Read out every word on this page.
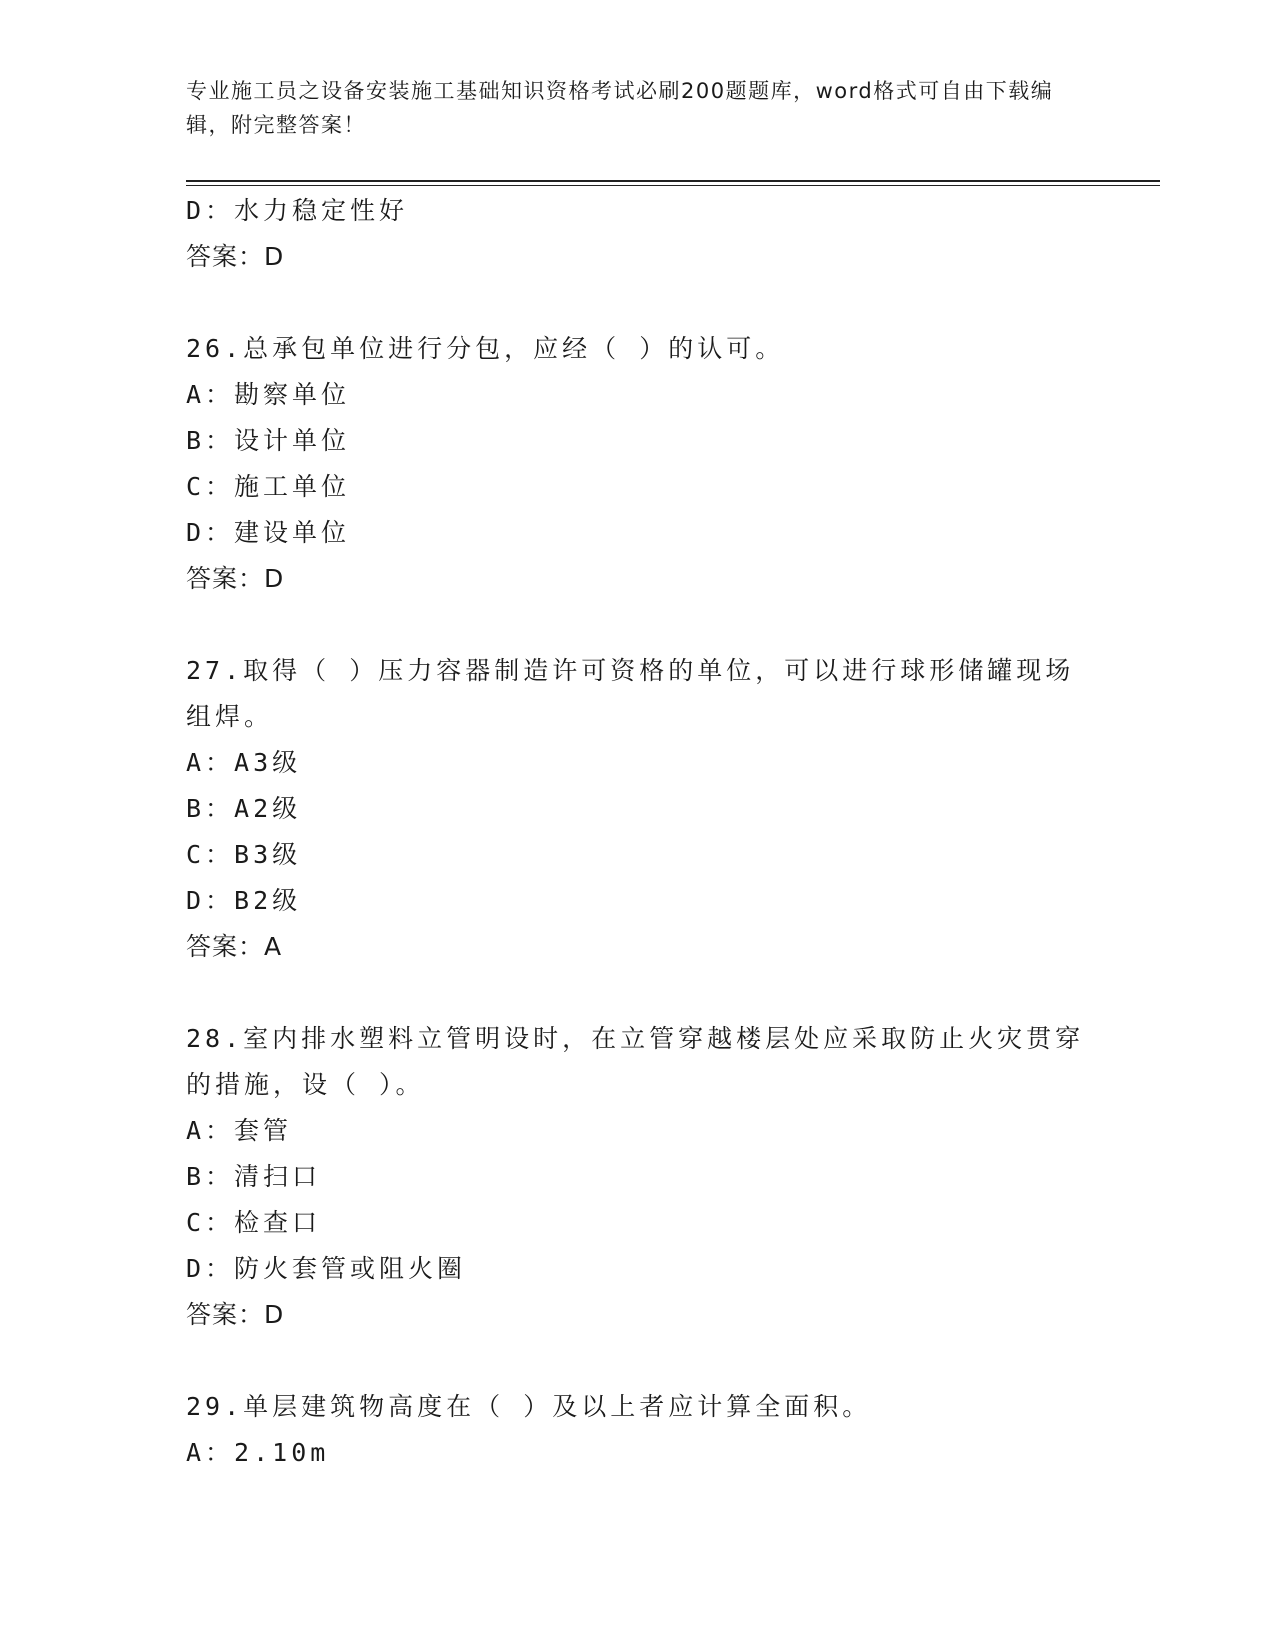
专业施工员之设备安装施工基础知识资格考试必刷200题题库，word格式可自由下载编辑，附完整答案！
D：水力稳定性好
答案：D
26.总承包单位进行分包，应经（ ）的认可。
A：勘察单位
B：设计单位
C：施工单位
D：建设单位
答案：D
27.取得（ ）压力容器制造许可资格的单位，可以进行球形储罐现场组焊。
A：A3级
B：A2级
C：B3级
D：B2级
答案：A
28.室内排水塑料立管明设时，在立管穿越楼层处应采取防止火灾贯穿的措施，设（ ）。
A：套管
B：清扫口
C：检查口
D：防火套管或阻火圈
答案：D
29.单层建筑物高度在（ ）及以上者应计算全面积。
A：2.10m
